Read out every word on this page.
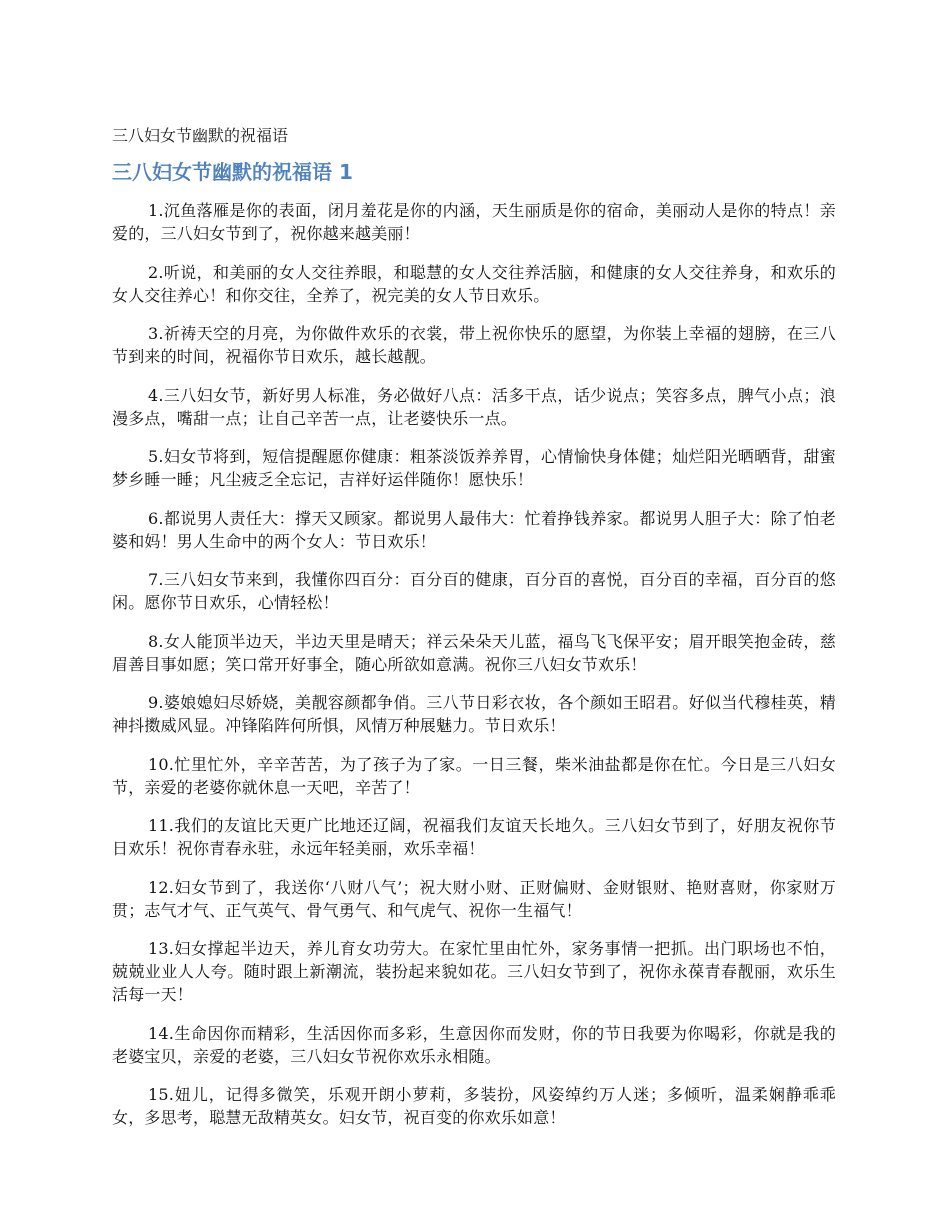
三八妇女节幽默的祝福语
三八妇女节幽默的祝福语 1

1.沉鱼落雁是你的表面，闭月羞花是你的内涵，天生丽质是你的宿命，美丽动人是你的特点！亲爱的，三八妇女节到了，祝你越来越美丽！

2.听说，和美丽的女人交往养眼，和聪慧的女人交往养活脑，和健康的女人交往养身，和欢乐的女人交往养心！和你交往，全养了，祝完美的女人节日欢乐。

3.祈祷天空的月亮，为你做件欢乐的衣裳，带上祝你快乐的愿望，为你装上幸福的翅膀，在三八节到来的时间，祝福你节日欢乐，越长越靓。

4.三八妇女节，新好男人标准，务必做好八点：活多干点，话少说点；笑容多点，脾气小点；浪漫多点，嘴甜一点；让自己辛苦一点，让老婆快乐一点。

5.妇女节将到，短信提醒愿你健康：粗茶淡饭养养胃，心情愉快身体健；灿烂阳光晒晒背，甜蜜梦乡睡一睡；凡尘疲乏全忘记，吉祥好运伴随你！愿快乐！

6.都说男人责任大：撑天又顾家。都说男人最伟大：忙着挣钱养家。都说男人胆子大：除了怕老婆和妈！男人生命中的两个女人：节日欢乐！

7.三八妇女节来到，我懂你四百分：百分百的健康，百分百的喜悦，百分百的幸福，百分百的悠闲。愿你节日欢乐，心情轻松！

8.女人能顶半边天，半边天里是晴天；祥云朵朵天儿蓝，福鸟飞飞保平安；眉开眼笑抱金砖，慈眉善目事如愿；笑口常开好事全，随心所欲如意满。祝你三八妇女节欢乐！

9.婆娘媳妇尽娇娆，美靓容颜都争俏。三八节日彩衣妆，各个颜如王昭君。好似当代穆桂英，精神抖擞威风显。冲锋陷阵何所惧，风情万种展魅力。节日欢乐！

10.忙里忙外，辛辛苦苦，为了孩子为了家。一日三餐，柴米油盐都是你在忙。今日是三八妇女节，亲爱的老婆你就休息一天吧，辛苦了！

11.我们的友谊比天更广比地还辽阔，祝福我们友谊天长地久。三八妇女节到了，好朋友祝你节日欢乐！祝你青春永驻，永远年轻美丽，欢乐幸福！

12.妇女节到了，我送你‘八财八气’；祝大财小财、正财偏财、金财银财、艳财喜财，你家财万贯；志气才气、正气英气、骨气勇气、和气虎气、祝你一生福气！

13.妇女撑起半边天，养儿育女功劳大。在家忙里由忙外，家务事情一把抓。出门职场也不怕，兢兢业业人人夸。随时跟上新潮流，装扮起来貌如花。三八妇女节到了，祝你永葆青春靓丽，欢乐生活每一天！

14.生命因你而精彩，生活因你而多彩，生意因你而发财，你的节日我要为你喝彩，你就是我的老婆宝贝，亲爱的老婆，三八妇女节祝你欢乐永相随。

15.妞儿，记得多微笑，乐观开朗小萝莉，多装扮，风姿绰约万人迷；多倾听，温柔娴静乖乖女，多思考，聪慧无敌精英女。妇女节，祝百变的你欢乐如意！
